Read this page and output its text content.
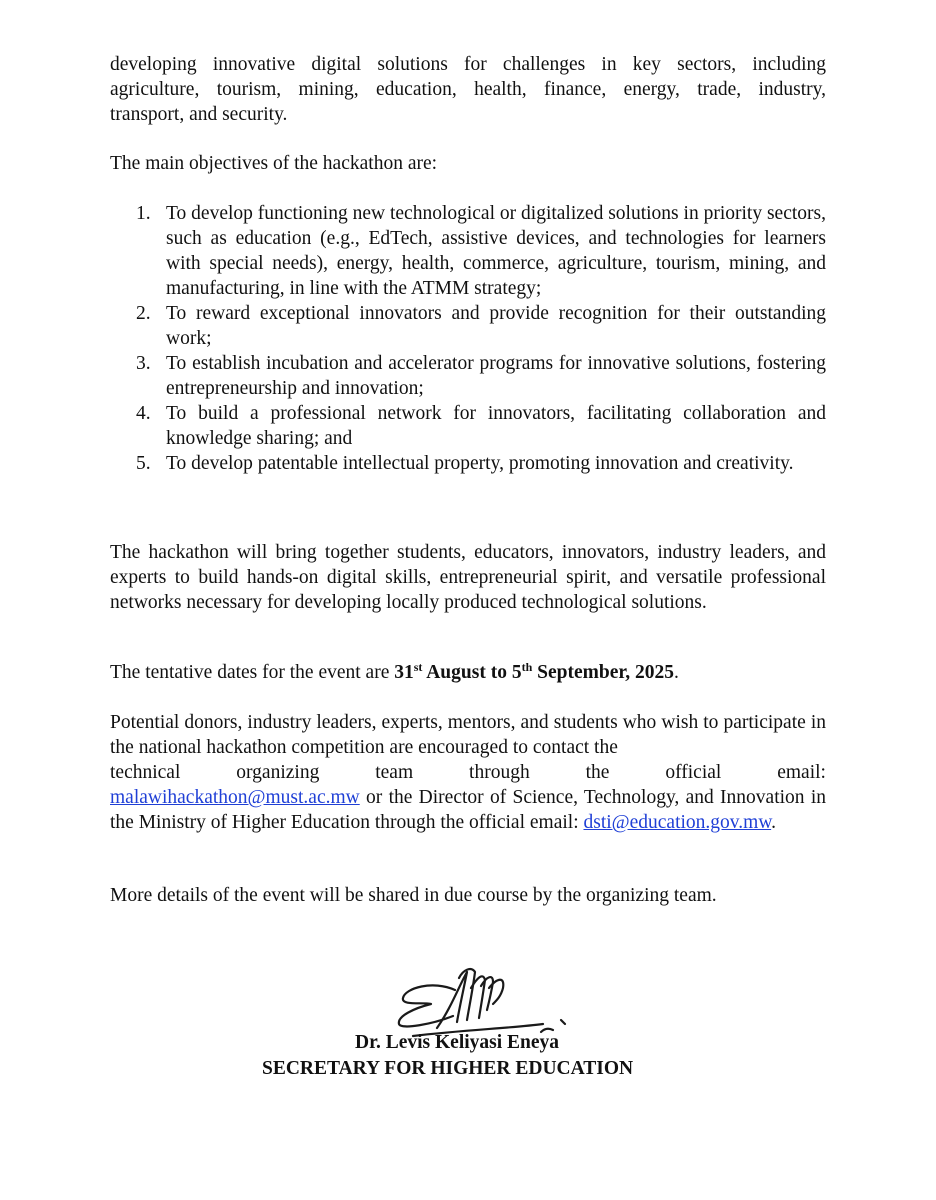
developing innovative digital solutions for challenges in key sectors, including
agriculture, tourism, mining, education, health, finance, energy, trade, industry,
transport, and security.

The main objectives of the hackathon are:

1. To develop functioning new technological or digitalized solutions in priority sectors, such as education (e.g., EdTech, assistive devices, and technologies for learners with special needs), energy, health, commerce, agriculture, tourism, mining, and manufacturing, in line with the ATMM strategy;
2. To reward exceptional innovators and provide recognition for their outstanding work;
3. To establish incubation and accelerator programs for innovative solutions, fostering entrepreneurship and innovation;
4. To build a professional network for innovators, facilitating collaboration and knowledge sharing; and
5. To develop patentable intellectual property, promoting innovation and creativity.

The hackathon will bring together students, educators, innovators, industry leaders, and experts to build hands-on digital skills, entrepreneurial spirit, and versatile professional networks necessary for developing locally produced technological solutions.

The tentative dates for the event are 31st August to 5th September, 2025.

Potential donors, industry leaders, experts, mentors, and students who wish to participate in the national hackathon competition are encouraged to contact the
technical	organizing	team	through	the	official	email:
malawihackathon@must.ac.mw or the Director of Science, Technology, and Innovation in the Ministry of Higher Education through the official email: dsti@education.gov.mw.

More details of the event will be shared in due course by the organizing team.

Dr. Levis Keliyasi Eneya
SECRETARY FOR HIGHER EDUCATION
